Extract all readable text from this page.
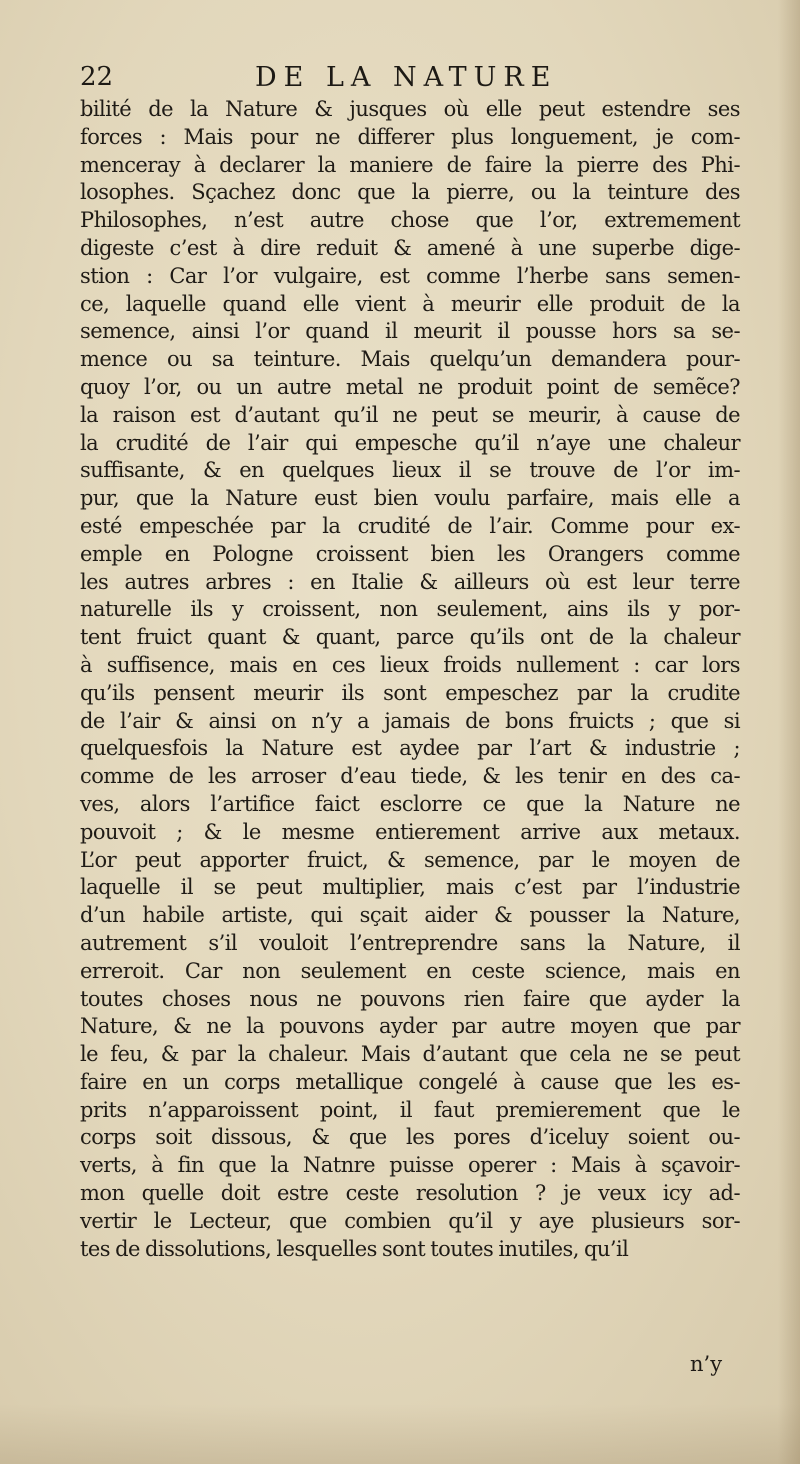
22	DE LA NATURE
bilité de la Nature & jusques où elle peut estendre ses
forces : Mais pour ne differer plus longuement, je com-
menceray à declarer la maniere de faire la pierre des Phi-
losophes. Sçachez donc que la pierre, ou la teinture des
Philosophes, n’est autre chose que l’or, extremement
digeste c’est à dire reduit & amené à une superbe dige-
stion : Car l’or vulgaire, est comme l’herbe sans semen-
ce, laquelle quand elle vient à meurir elle produit de la
semence, ainsi l’or quand il meurit il pousse hors sa se-
mence ou sa teinture. Mais quelqu’un demandera pour-
quoy l’or, ou un autre metal ne produit point de semẽce?
la raison est d’autant qu’il ne peut se meurir, à cause de
la crudité de l’air qui empesche qu’il n’aye une chaleur
suffisante, & en quelques lieux il se trouve de l’or im-
pur, que la Nature eust bien voulu parfaire, mais elle a
esté empeschée par la crudité de l’air. Comme pour ex-
emple en Pologne croissent bien les Orangers comme
les autres arbres : en Italie & ailleurs où est leur terre
naturelle ils y croissent, non seulement, ains ils y por-
tent fruict quant & quant, parce qu’ils ont de la chaleur
à suffisence, mais en ces lieux froids nullement : car lors
qu’ils pensent meurir ils sont empeschez par la crudite
de l’air & ainsi on n’y a jamais de bons fruicts ; que si
quelquesfois la Nature est aydee par l’art & industrie ;
comme de les arroser d’eau tiede, & les tenir en des ca-
ves, alors l’artifice faict esclorre ce que la Nature ne
pouvoit ; & le mesme entierement arrive aux metaux.
L’or peut apporter fruict, & semence, par le moyen de
laquelle il se peut multiplier, mais c’est par l’industrie
d’un habile artiste, qui sçait aider & pousser la Nature,
autrement s’il vouloit l’entreprendre sans la Nature, il
erreroit. Car non seulement en ceste science, mais en
toutes choses nous ne pouvons rien faire que ayder la
Nature, & ne la pouvons ayder par autre moyen que par
le feu, & par la chaleur. Mais d’autant que cela ne se peut
faire en un corps metallique congelé à cause que les es-
prits n’apparoissent point, il faut premierement que le
corps soit dissous, & que les pores d’iceluy soient ou-
verts, à fin que la Natnre puisse operer : Mais à sçavoir-
mon quelle doit estre ceste resolution ? je veux icy ad-
vertir le Lecteur, que combien qu’il y aye plusieurs sor-
tes de dissolutions, lesquelles sont toutes inutiles, qu’il
n’y
